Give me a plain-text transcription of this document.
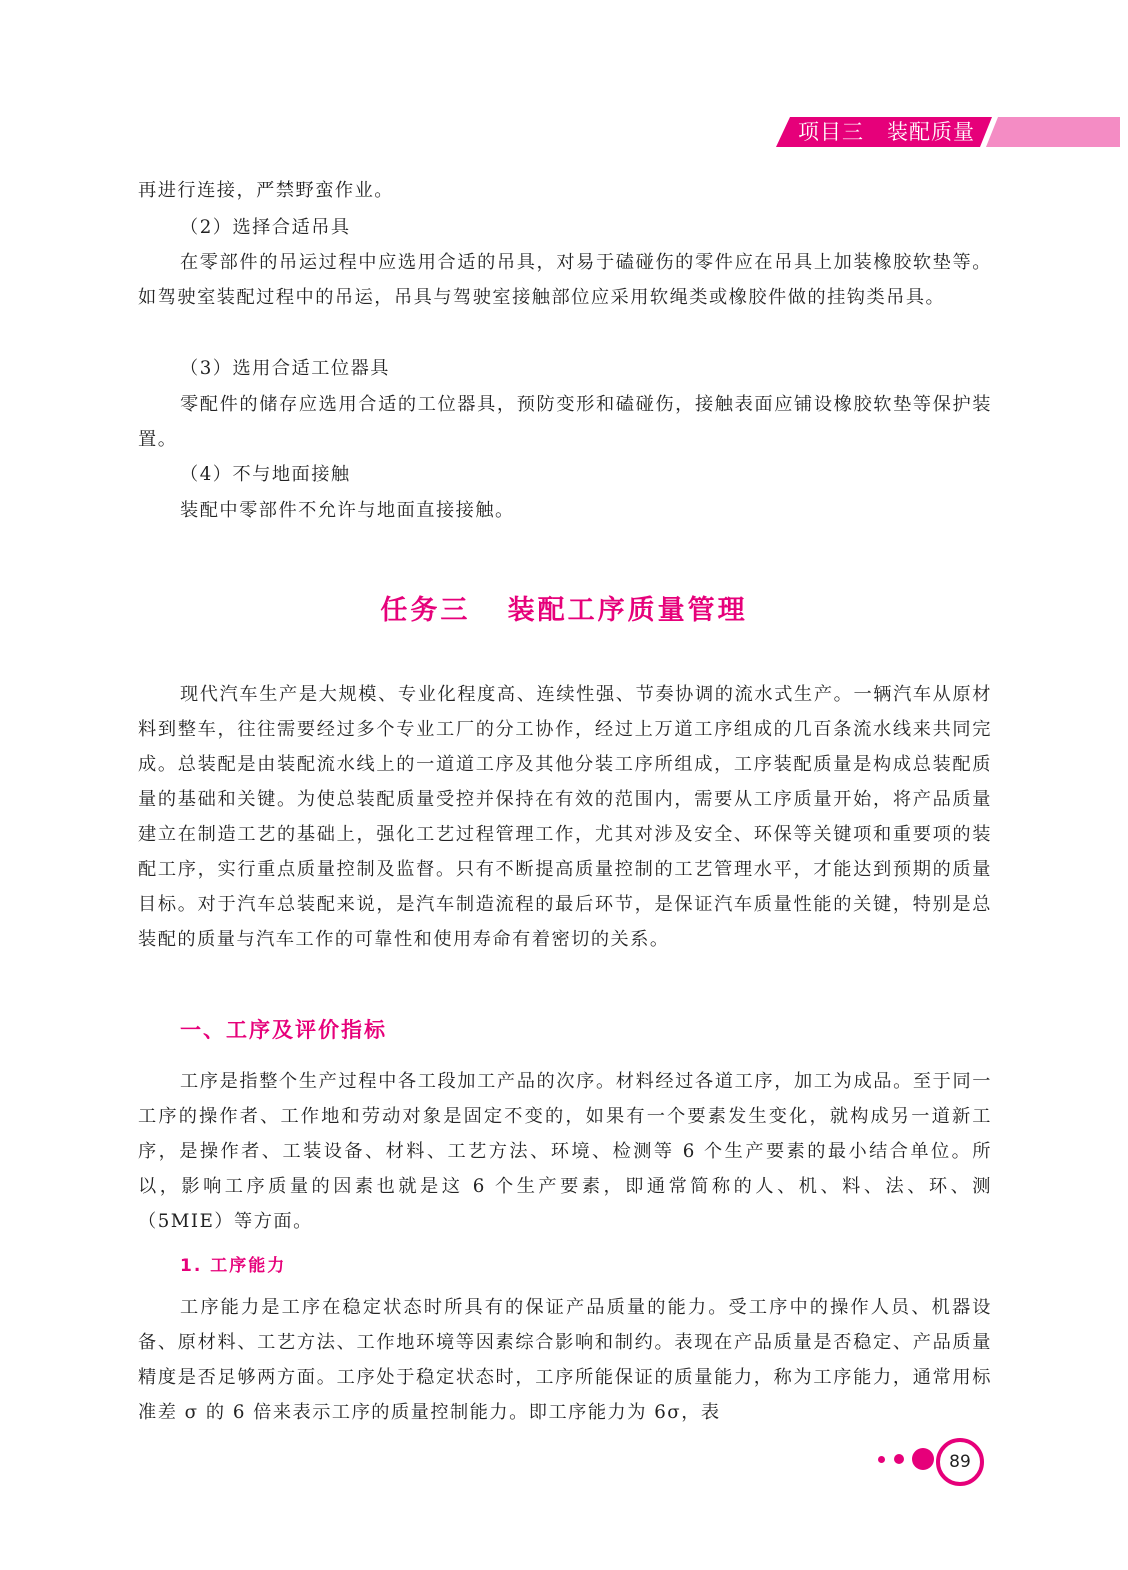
项目三   装配质量

再进行连接，严禁野蛮作业。

（2）选择合适吊具

在零部件的吊运过程中应选用合适的吊具，对易于磕碰伤的零件应在吊具上加装橡胶软垫等。如驾驶室装配过程中的吊运，吊具与驾驶室接触部位应采用软绳类或橡胶件做的挂钩类吊具。

（3）选用合适工位器具

零配件的储存应选用合适的工位器具，预防变形和磕碰伤，接触表面应铺设橡胶软垫等保护装置。

（4）不与地面接触

装配中零部件不允许与地面直接接触。

任务三   装配工序质量管理

现代汽车生产是大规模、专业化程度高、连续性强、节奏协调的流水式生产。一辆汽车从原材料到整车，往往需要经过多个专业工厂的分工协作，经过上万道工序组成的几百条流水线来共同完成。总装配是由装配流水线上的一道道工序及其他分装工序所组成，工序装配质量是构成总装配质量的基础和关键。为使总装配质量受控并保持在有效的范围内，需要从工序质量开始，将产品质量建立在制造工艺的基础上，强化工艺过程管理工作，尤其对涉及安全、环保等关键项和重要项的装配工序，实行重点质量控制及监督。只有不断提高质量控制的工艺管理水平，才能达到预期的质量目标。对于汽车总装配来说，是汽车制造流程的最后环节，是保证汽车质量性能的关键，特别是总装配的质量与汽车工作的可靠性和使用寿命有着密切的关系。

一、工序及评价指标

工序是指整个生产过程中各工段加工产品的次序。材料经过各道工序，加工为成品。至于同一工序的操作者、工作地和劳动对象是固定不变的，如果有一个要素发生变化，就构成另一道新工序，是操作者、工装设备、材料、工艺方法、环境、检测等 6 个生产要素的最小结合单位。所以，影响工序质量的因素也就是这 6 个生产要素，即通常简称的人、机、料、法、环、测（5MIE）等方面。

1. 工序能力

工序能力是工序在稳定状态时所具有的保证产品质量的能力。受工序中的操作人员、机器设备、原材料、工艺方法、工作地环境等因素综合影响和制约。表现在产品质量是否稳定、产品质量精度是否足够两方面。工序处于稳定状态时，工序所能保证的质量能力，称为工序能力，通常用标准差 σ 的 6 倍来表示工序的质量控制能力。即工序能力为 6σ，表

89
